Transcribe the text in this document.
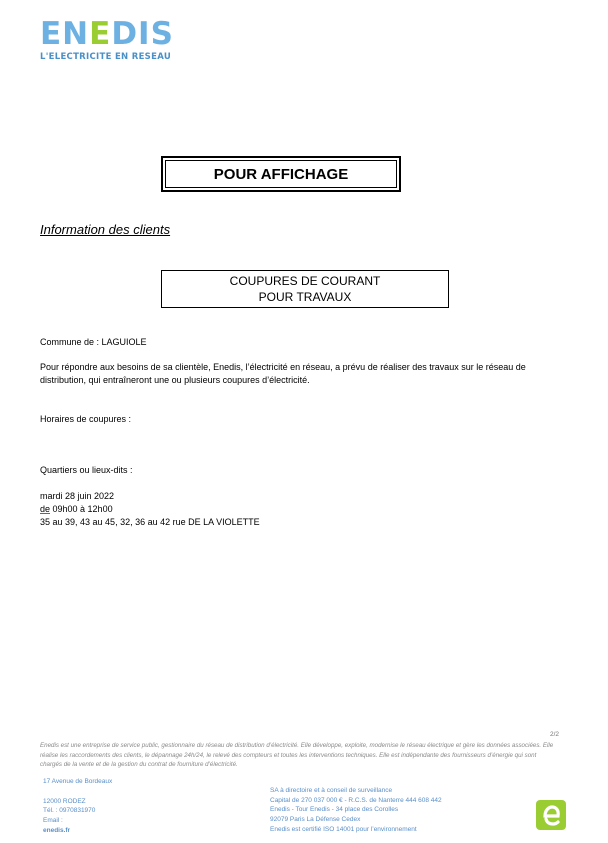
ENEDIS
L'ELECTRICITE EN RESEAU
POUR AFFICHAGE
Information des clients
COUPURES DE COURANT
POUR TRAVAUX
Commune de : LAGUIOLE
Pour répondre aux besoins de sa clientèle, Enedis, l’électricité en réseau, a prévu de réaliser des travaux sur le réseau de distribution, qui entraîneront une ou plusieurs coupures d’électricité.
Horaires de coupures :
Quartiers ou lieux-dits :
mardi 28 juin 2022
de 09h00 à 12h00
35 au 39, 43 au 45, 32, 36 au 42 rue DE LA VIOLETTE
2/2
Enedis est une entreprise de service public, gestionnaire du réseau de distribution d’électricité. Elle développe, exploite, modernise le réseau électrique et gère les données associées. Elle réalise les raccordements des clients, le dépannage 24h/24, le relevé des compteurs et toutes les interventions techniques. Elle est indépendante des fournisseurs d’énergie qui sont chargés de la vente et de la gestion du contrat de fourniture d’électricité.
17 Avenue de Bordeaux
12000 RODEZ
Tél. : 0970831970
Email :
enedis.fr
SA à directoire et à conseil de surveillance
Capital de 270 037 000 € - R.C.S. de Nanterre 444 608 442
Enedis - Tour Enedis - 34 place des Corolles
92079 Paris La Défense Cedex
Enedis est certifié ISO 14001 pour l’environnement
